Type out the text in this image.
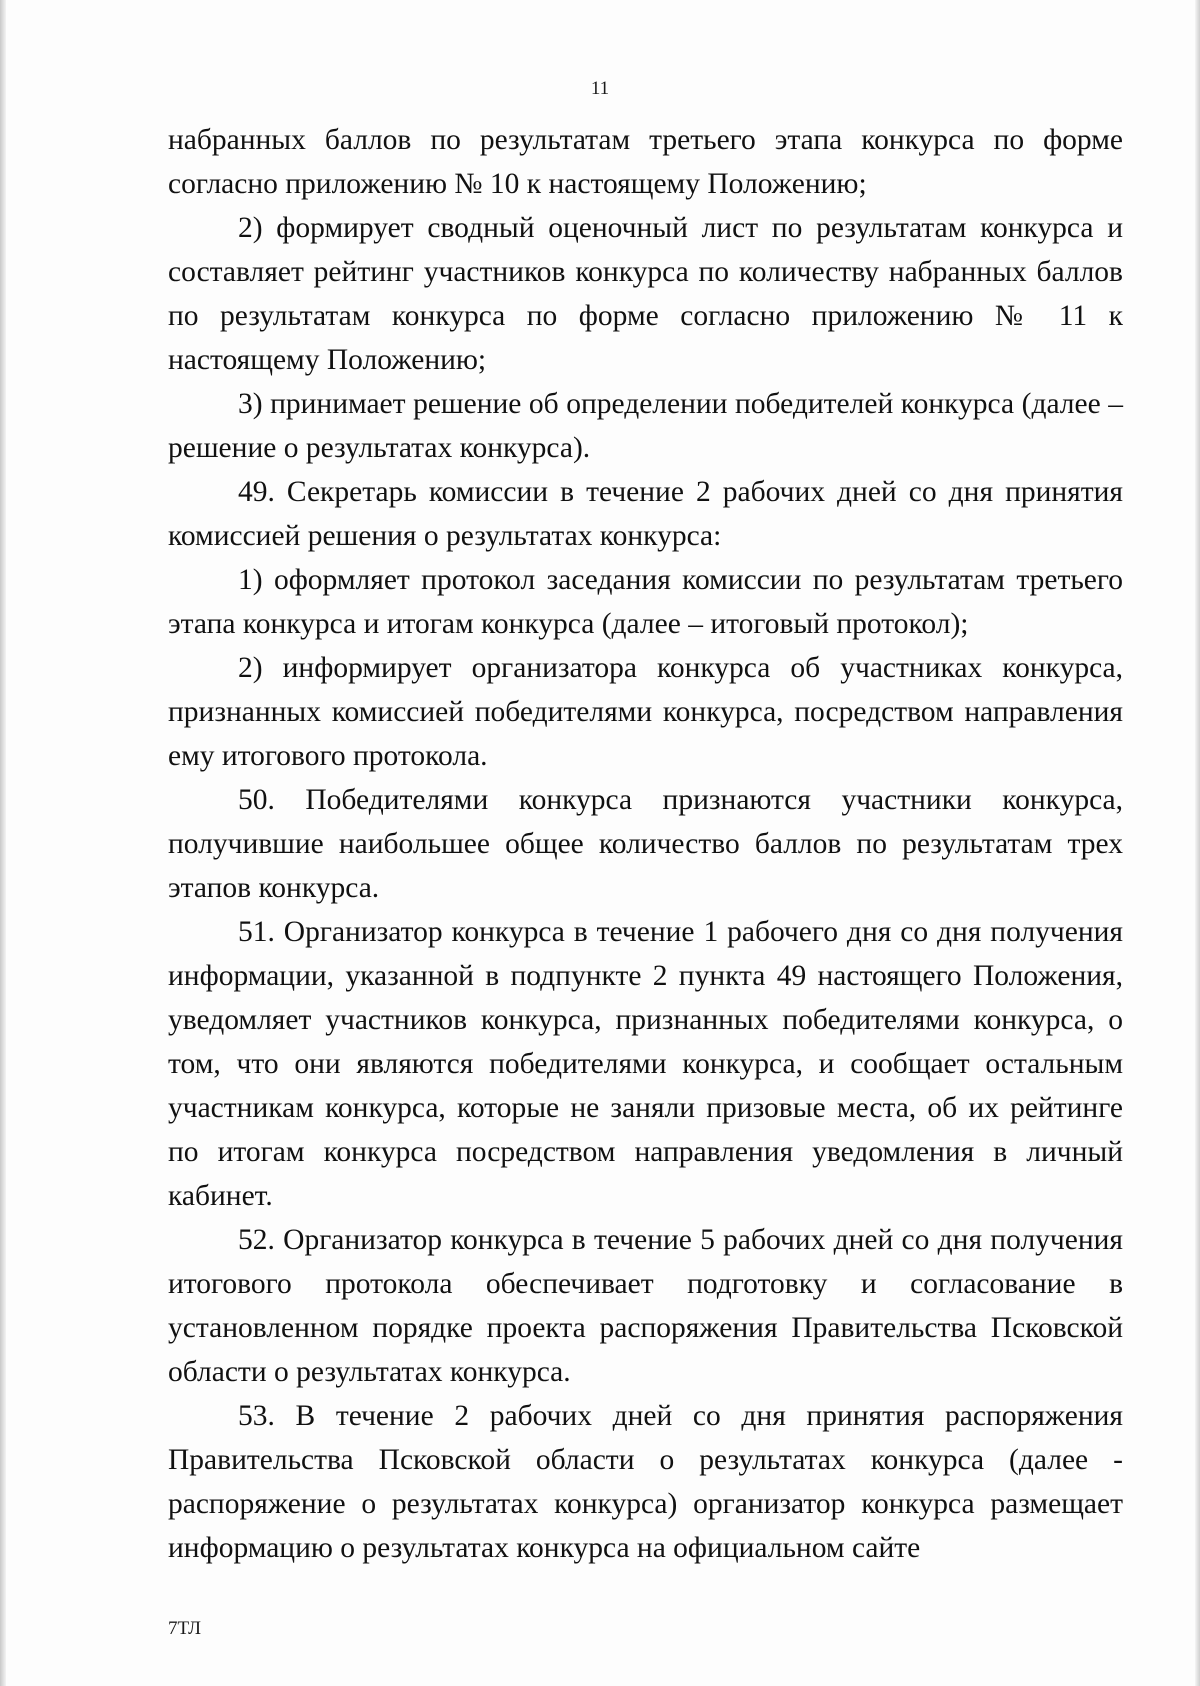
11

набранных баллов по результатам третьего этапа конкурса по форме согласно приложению № 10 к настоящему Положению;

2) формирует сводный оценочный лист по результатам конкурса и составляет рейтинг участников конкурса по количеству набранных баллов по результатам конкурса по форме согласно приложению № 11 к настоящему Положению;

3) принимает решение об определении победителей конкурса (далее – решение о результатах конкурса).

49. Секретарь комиссии в течение 2 рабочих дней со дня принятия комиссией решения о результатах конкурса:

1) оформляет протокол заседания комиссии по результатам третьего этапа конкурса и итогам конкурса (далее – итоговый протокол);

2) информирует организатора конкурса об участниках конкурса, признанных комиссией победителями конкурса, посредством направления ему итогового протокола.

50. Победителями конкурса признаются участники конкурса, получившие наибольшее общее количество баллов по результатам трех этапов конкурса.

51. Организатор конкурса в течение 1 рабочего дня со дня получения информации, указанной в подпункте 2 пункта 49 настоящего Положения, уведомляет участников конкурса, признанных победителями конкурса, о том, что они являются победителями конкурса, и сообщает остальным участникам конкурса, которые не заняли призовые места, об их рейтинге по итогам конкурса посредством направления уведомления в личный кабинет.

52. Организатор конкурса в течение 5 рабочих дней со дня получения итогового протокола обеспечивает подготовку и согласование в установленном порядке проекта распоряжения Правительства Псковской области о результатах конкурса.

53. В течение 2 рабочих дней со дня принятия распоряжения Правительства Псковской области о результатах конкурса (далее - распоряжение о результатах конкурса) организатор конкурса размещает информацию о результатах конкурса на официальном сайте

7ТЛ
